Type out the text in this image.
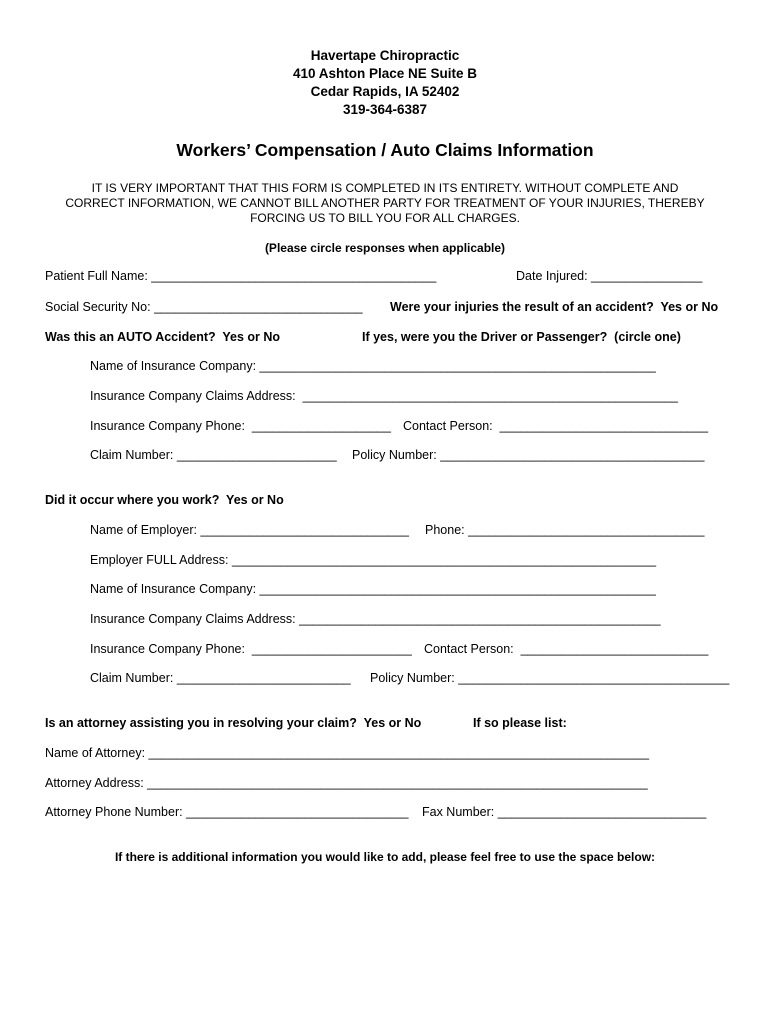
Havertape Chiropractic
410 Ashton Place NE Suite B
Cedar Rapids, IA 52402
319-364-6387
Workers’ Compensation / Auto Claims Information
IT IS VERY IMPORTANT THAT THIS FORM IS COMPLETED IN ITS ENTIRETY. WITHOUT COMPLETE AND
CORRECT INFORMATION, WE CANNOT BILL ANOTHER PARTY FOR TREATMENT OF YOUR INJURIES, THEREBY
FORCING US TO BILL YOU FOR ALL CHARGES.
(Please circle responses when applicable)
Patient Full Name: _________________________________________	Date Injured: ________________
Social Security No: ______________________________ Were your injuries the result of an accident?  Yes or No
Was this an AUTO Accident?  Yes or No	If yes, were you the Driver or Passenger?  (circle one)
Name of Insurance Company: _________________________________________________________
Insurance Company Claims Address:  ______________________________________________________
Insurance Company Phone:  ____________________ Contact Person:  ______________________________
Claim Number: _______________________ Policy Number: ______________________________________
Did it occur where you work?  Yes or No
Name of Employer: ______________________________ Phone: __________________________________
Employer FULL Address: _____________________________________________________________
Name of Insurance Company: _________________________________________________________
Insurance Company Claims Address: ____________________________________________________
Insurance Company Phone:  _______________________ Contact Person:  ___________________________
Claim Number: _________________________ Policy Number: _______________________________________
Is an attorney assisting you in resolving your claim?  Yes or No	If so please list:
Name of Attorney: ________________________________________________________________________
Attorney Address: ________________________________________________________________________
Attorney Phone Number: ________________________________ Fax Number: ______________________________
If there is additional information you would like to add, please feel free to use the space below:
